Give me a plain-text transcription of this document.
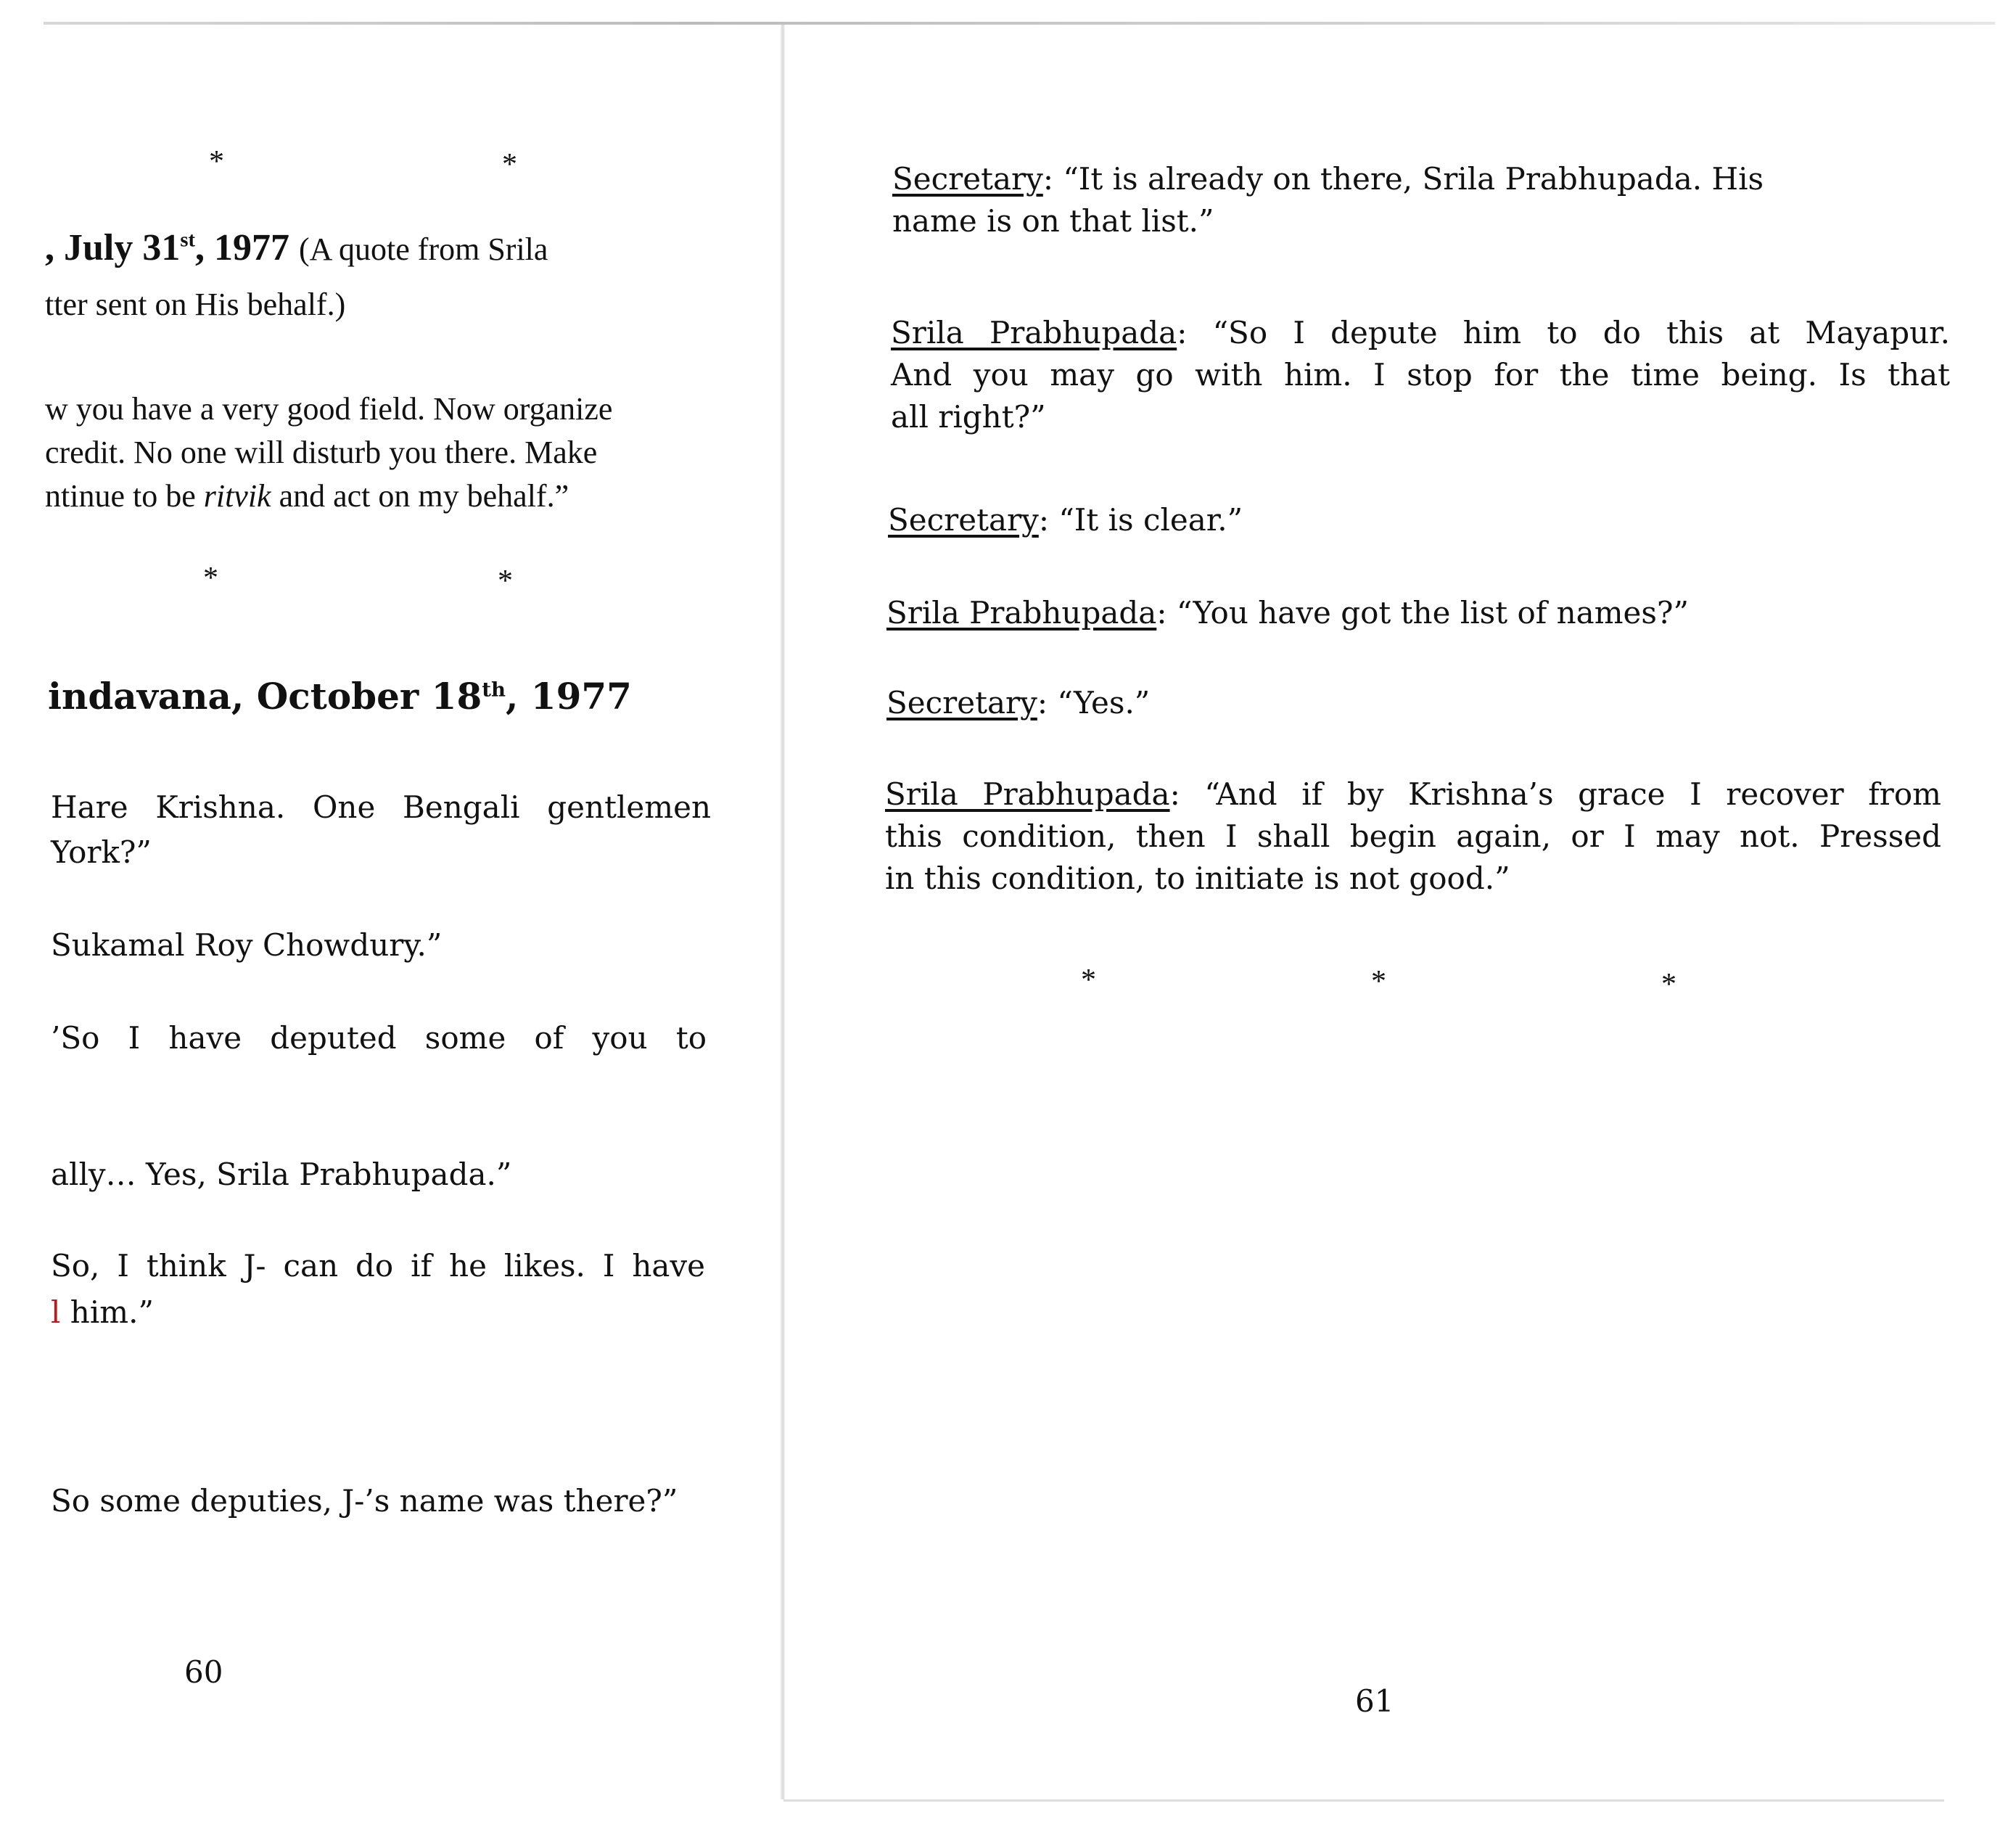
*	*

, July 31st, 1977 (A quote from Srila

tter sent on His behalf.)

w you have a very good field. Now organize

credit. No one will disturb you there. Make

ntinue to be ritvik and act on my behalf.”

*	*

indavana, October 18th, 1977

Hare Krishna. One Bengali gentlemen

York?”

Sukamal Roy Chowdury.”

’So I have deputed some of you to

ally… Yes, Srila Prabhupada.”

So, I think J- can do if he likes. I have

l him.”

So some deputies, J-’s name was there?”

60
Secretary: “It is already on there, Srila Prabhupada. His
name is on that list.”
Srila Prabhupada: “So I depute him to do this at Mayapur.
And you may go with him. I stop for the time being. Is that
all right?”
Secretary: “It is clear.”
Srila Prabhupada: “You have got the list of names?”
Secretary: “Yes.”
Srila Prabhupada: “And if by Krishna’s grace I recover from
this condition, then I shall begin again, or I may not. Pressed
in this condition, to initiate is not good.”
*	*	*
61
